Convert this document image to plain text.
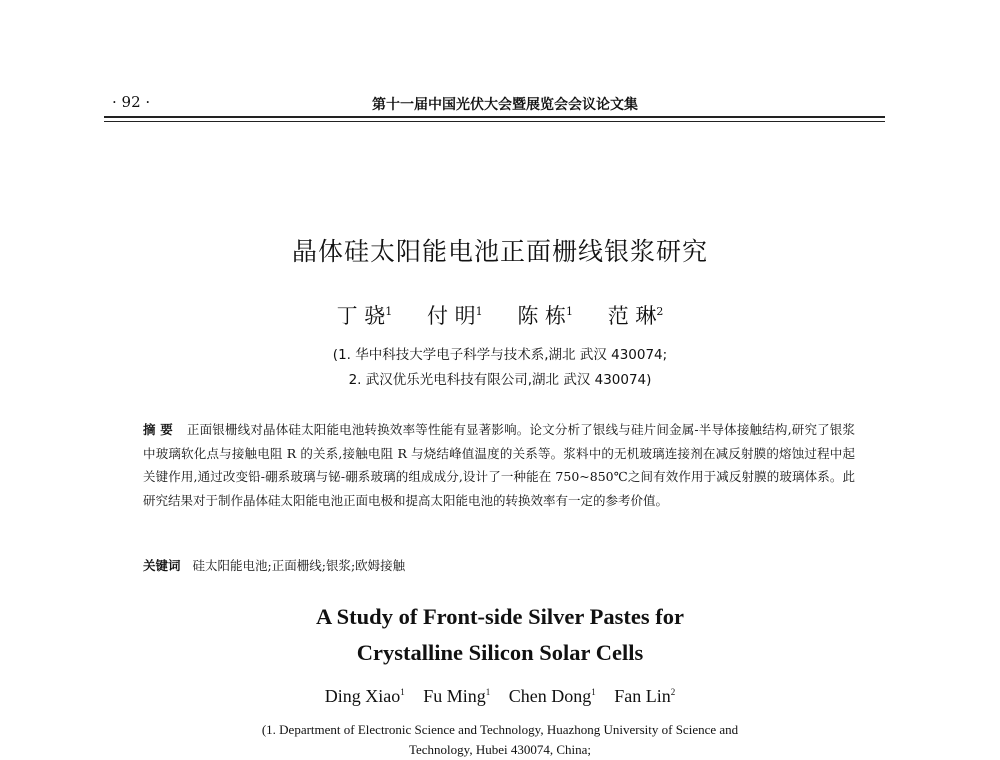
· 92 ·	第十一届中国光伏大会暨展览会会议论文集
晶体硅太阳能电池正面栅线银浆研究
丁 骁$^1$ 付 明$^1$ 陈 栋$^1$ 范 琳$^2$
(1. 华中科技大学电子科学与技术系,湖北 武汉 430074;
2. 武汉优乐光电科技有限公司,湖北 武汉 430074)
摘 要 正面银栅线对晶体硅太阳能电池转换效率等性能有显著影响。论文分析了银线与硅片间金属-半导体接触结构,研究了银浆中玻璃软化点与接触电阻 R 的关系,接触电阻 R 与烧结峰值温度的关系等。浆料中的无机玻璃连接剂在减反射膜的熔蚀过程中起关键作用,通过改变铅-硼系玻璃与铋-硼系玻璃的组成成分,设计了一种能在 750~850℃之间有效作用于减反射膜的玻璃体系。此研究结果对于制作晶体硅太阳能电池正面电极和提高太阳能电池的转换效率有一定的参考价值。
关键词 硅太阳能电池;正面栅线;银浆;欧姆接触
A Study of Front-side Silver Pastes for
Crystalline Silicon Solar Cells
Ding Xiao$^1$ Fu Ming$^1$ Chen Dong$^1$ Fan Lin$^2$
(1. Department of Electronic Science and Technology, Huazhong University of Science and
Technology, Hubei 430074, China;
